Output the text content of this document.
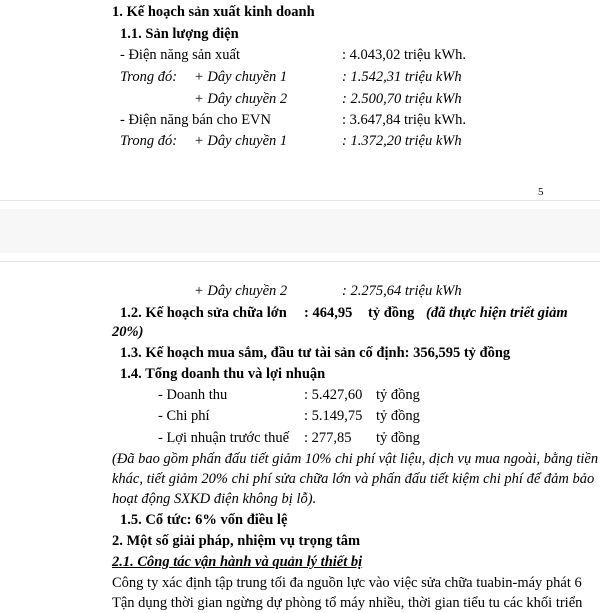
1. Kế hoạch sản xuất kinh doanh
1.1. Sản lượng điện
- Điện năng sản xuất	: 4.043,02 triệu kWh.
Trong đó: + Dây chuyền 1	: 1.542,31 triệu kWh
+ Dây chuyền 2	: 2.500,70 triệu kWh
- Điện năng bán cho EVN	: 3.647,84 triệu kWh.
Trong đó: + Dây chuyền 1	: 1.372,20 triệu kWh
5
+ Dây chuyền 2	: 2.275,64 triệu kWh
1.2. Kế hoạch sửa chữa lớn : 464,95 tỷ đồng (đã thực hiện triết giảm
20%)
1.3. Kế hoạch mua sắm, đầu tư tài sản cố định: 356,595 tỷ đồng
1.4. Tổng doanh thu và lợi nhuận
- Doanh thu	: 5.427,60 tỷ đồng
- Chi phí	: 5.149,75 tỷ đồng
- Lợi nhuận trước thuế : 277,85 tỷ đồng
(Đã bao gồm phấn đấu tiết giảm 10% chi phí vật liệu, dịch vụ mua ngoài, bằng tiền
khác, tiết giảm 20% chi phí sửa chữa lớn và phấn đấu tiết kiệm chi phí để đảm bảo
hoạt động SXKD điện không bị lỗ).
1.5. Cổ tức: 6% vốn điều lệ
2. Một số giải pháp, nhiệm vụ trọng tâm
2.1. Công tác vận hành và quản lý thiết bị
Công ty xác định tập trung tối đa nguồn lực vào việc sửa chữa tuabin-máy phát 6
Tận dụng thời gian ngừng dự phòng tổ máy nhiều, thời gian tiểu tu các khối triển
